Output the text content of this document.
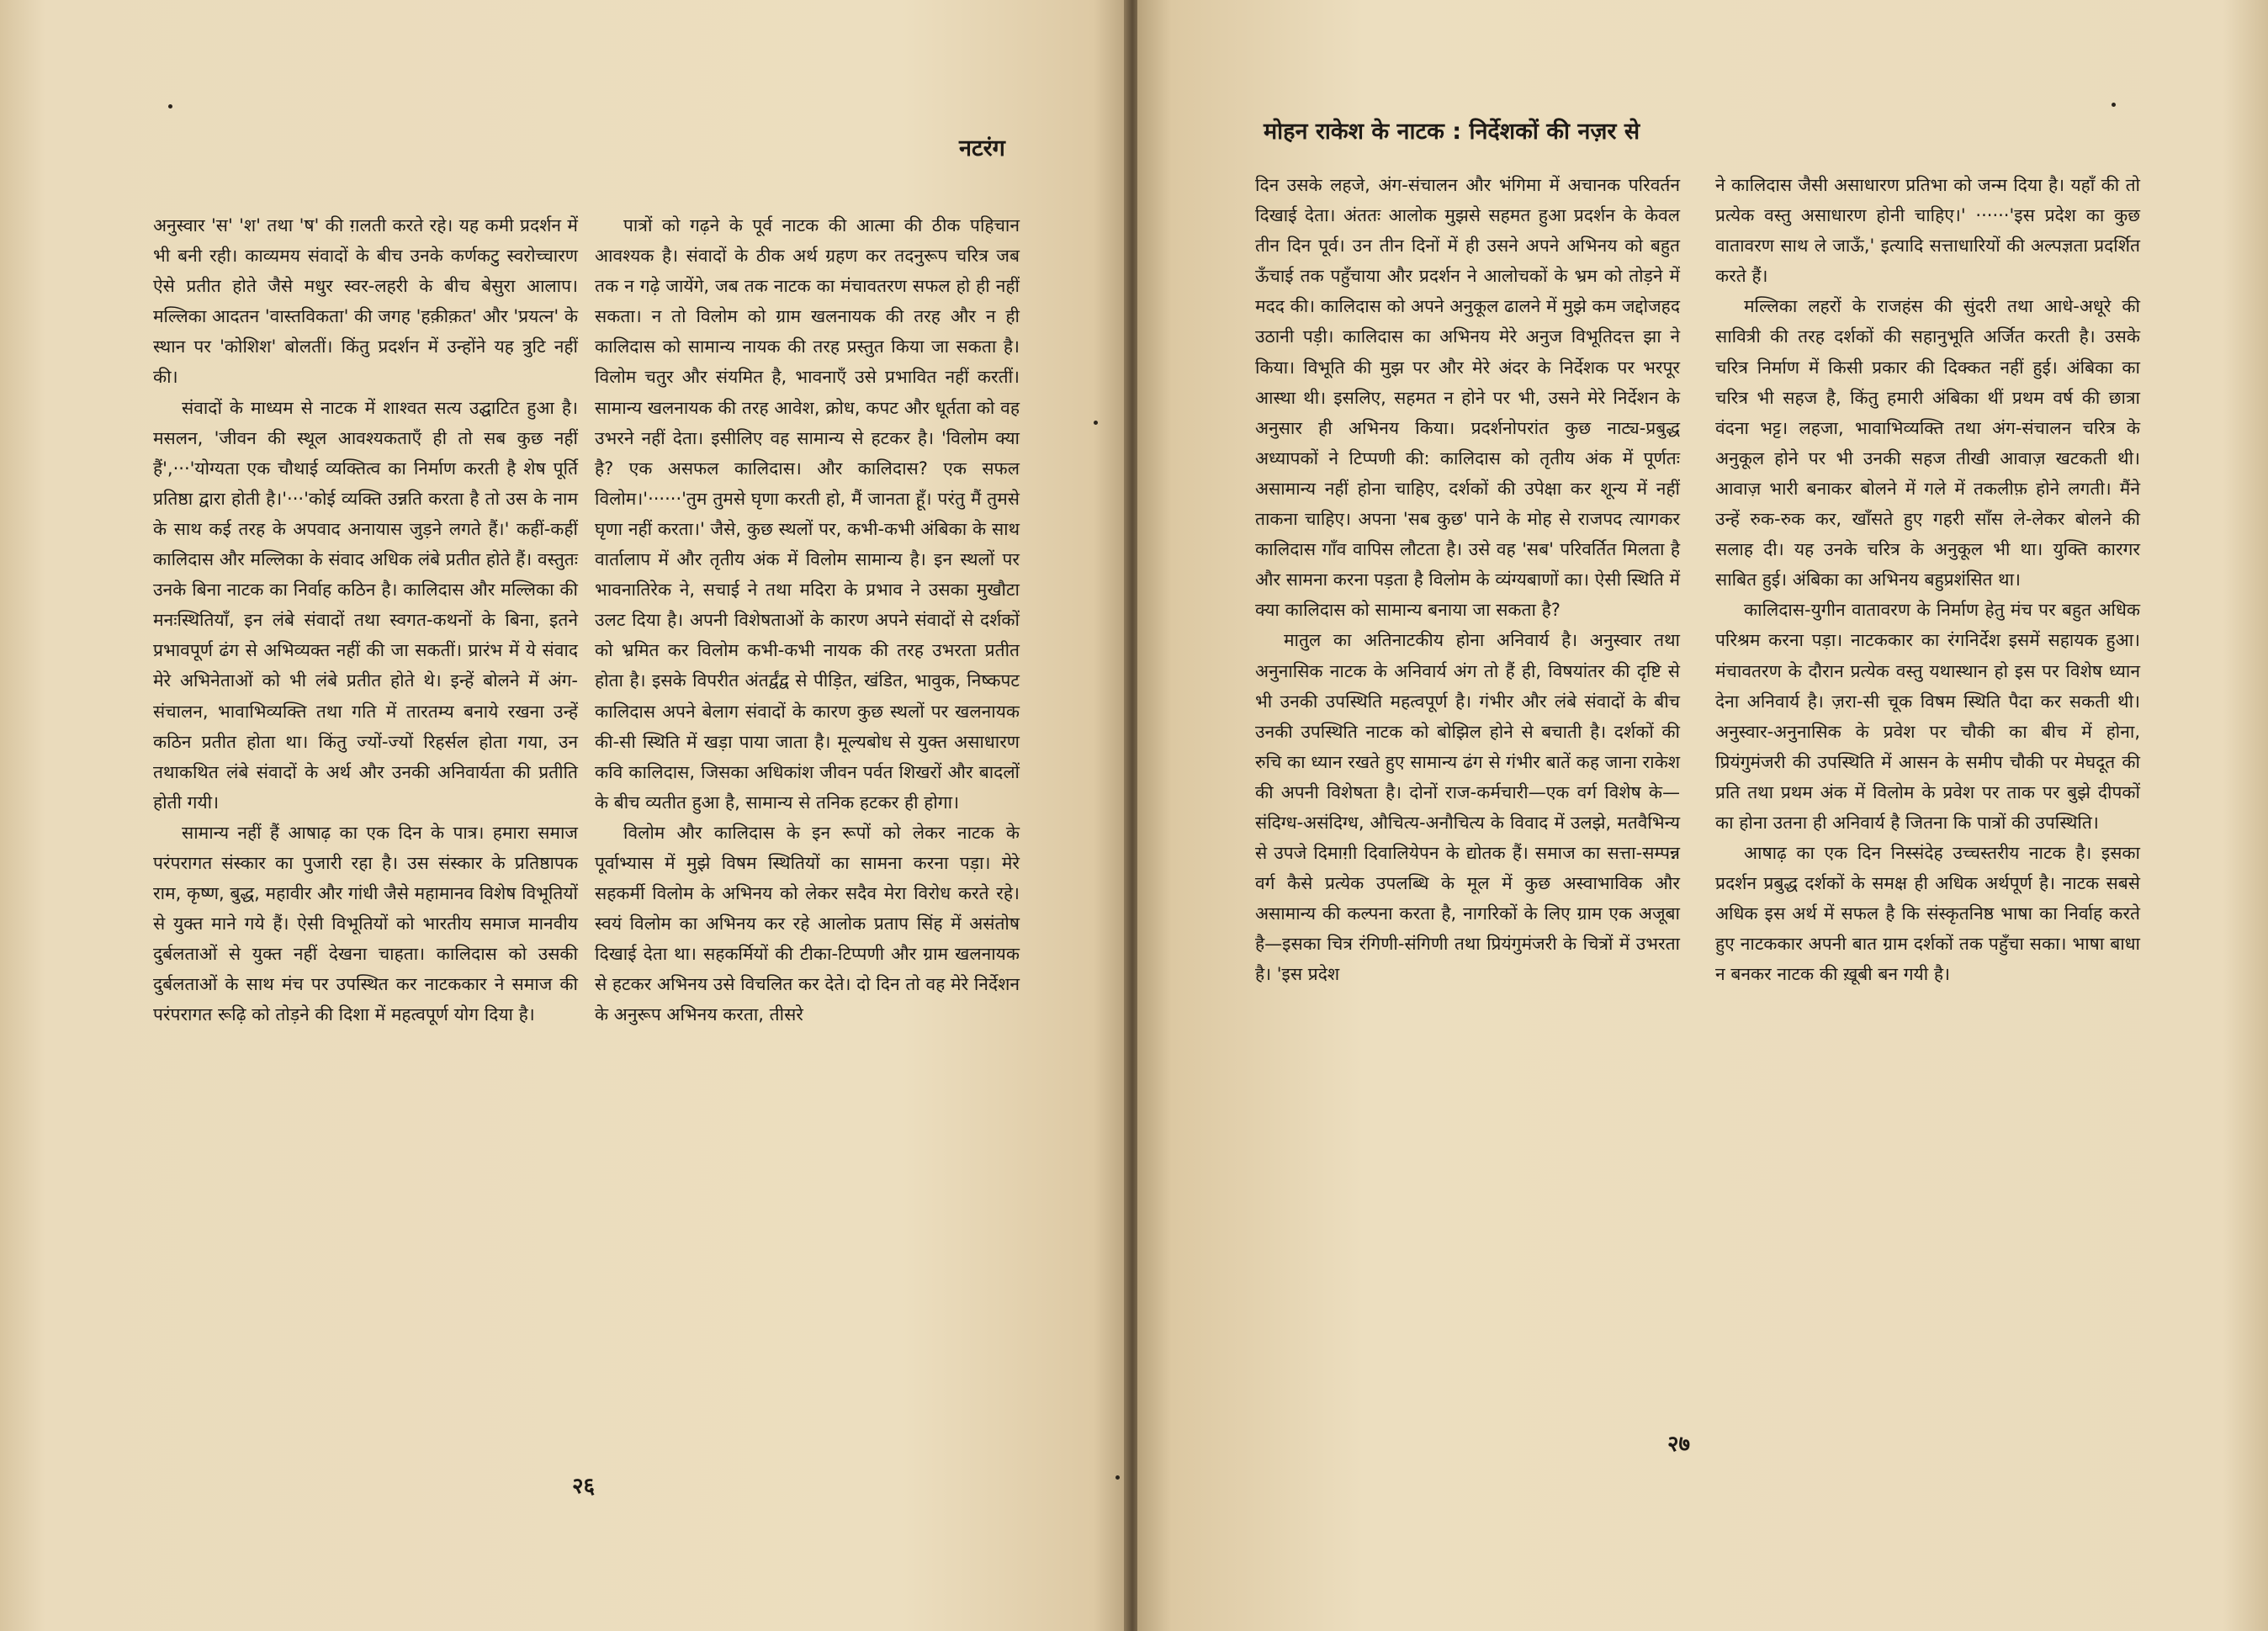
नटरंग

अनुस्वार 'स' 'श' तथा 'ष' की ग़लती करते रहे। यह कमी प्रदर्शन में भी बनी रही। काव्यमय संवादों के बीच उनके कर्णकटु स्वरोच्चारण ऐसे प्रतीत होते जैसे मधुर स्वर-लहरी के बीच बेसुरा आलाप। मल्लिका आदतन 'वास्तविकता' की जगह 'हक़ीक़त' और 'प्रयत्न' के स्थान पर 'कोशिश' बोलतीं। किंतु प्रदर्शन में उन्होंने यह त्रुटि नहीं की।

संवादों के माध्यम से नाटक में शाश्वत सत्य उद्घाटित हुआ है। मसलन, 'जीवन की स्थूल आवश्यकताएँ ही तो सब कुछ नहीं हैं',···'योग्यता एक चौथाई व्यक्तित्व का निर्माण करती है शेष पूर्ति प्रतिष्ठा द्वारा होती है।'···'कोई व्यक्ति उन्नति करता है तो उस के नाम के साथ कई तरह के अपवाद अनायास जुड़ने लगते हैं।' कहीं-कहीं कालिदास और मल्लिका के संवाद अधिक लंबे प्रतीत होते हैं। वस्तुतः उनके बिना नाटक का निर्वाह कठिन है। कालिदास और मल्लिका की मनःस्थितियाँ, इन लंबे संवादों तथा स्वगत-कथनों के बिना, इतने प्रभावपूर्ण ढंग से अभिव्यक्त नहीं की जा सकतीं। प्रारंभ में ये संवाद मेरे अभिनेताओं को भी लंबे प्रतीत होते थे। इन्हें बोलने में अंग-संचालन, भावाभिव्यक्ति तथा गति में तारतम्य बनाये रखना उन्हें कठिन प्रतीत होता था। किंतु ज्यों-ज्यों रिहर्सल होता गया, उन तथाकथित लंबे संवादों के अर्थ और उनकी अनिवार्यता की प्रतीति होती गयी।

सामान्य नहीं हैं आषाढ़ का एक दिन के पात्र। हमारा समाज परंपरागत संस्कार का पुजारी रहा है। उस संस्कार के प्रतिष्ठापक राम, कृष्ण, बुद्ध, महावीर और गांधी जैसे महामानव विशेष विभूतियों से युक्त माने गये हैं। ऐसी विभूतियों को भारतीय समाज मानवीय दुर्बलताओं से युक्त नहीं देखना चाहता। कालिदास को उसकी दुर्बलताओं के साथ मंच पर उपस्थित कर नाटककार ने समाज की परंपरागत रूढ़ि को तोड़ने की दिशा में महत्वपूर्ण योग दिया है।

पात्रों को गढ़ने के पूर्व नाटक की आत्मा की ठीक पहिचान आवश्यक है। संवादों के ठीक अर्थ ग्रहण कर तदनुरूप चरित्र जब तक न गढ़े जायेंगे, जब तक नाटक का मंचावतरण सफल हो ही नहीं सकता। न तो विलोम को ग्राम खलनायक की तरह और न ही कालिदास को सामान्य नायक की तरह प्रस्तुत किया जा सकता है। विलोम चतुर और संयमित है, भावनाएँ उसे प्रभावित नहीं करतीं। सामान्य खलनायक की तरह आवेश, क्रोध, कपट और धूर्तता को वह उभरने नहीं देता। इसीलिए वह सामान्य से हटकर है। 'विलोम क्या है? एक असफल कालिदास। और कालिदास? एक सफल विलोम।'······'तुम तुमसे घृणा करती हो, मैं जानता हूँ। परंतु मैं तुमसे घृणा नहीं करता।' जैसे, कुछ स्थलों पर, कभी-कभी अंबिका के साथ वार्तालाप में और तृतीय अंक में विलोम सामान्य है। इन स्थलों पर भावनातिरेक ने, सचाई ने तथा मदिरा के प्रभाव ने उसका मुखौटा उलट दिया है। अपनी विशेषताओं के कारण अपने संवादों से दर्शकों को भ्रमित कर विलोम कभी-कभी नायक की तरह उभरता प्रतीत होता है। इसके विपरीत अंतर्द्वंद्व से पीड़ित, खंडित, भावुक, निष्कपट कालिदास अपने बेलाग संवादों के कारण कुछ स्थलों पर खलनायक की-सी स्थिति में खड़ा पाया जाता है। मूल्यबोध से युक्त असाधारण कवि कालिदास, जिसका अधिकांश जीवन पर्वत शिखरों और बादलों के बीच व्यतीत हुआ है, सामान्य से तनिक हटकर ही होगा।

विलोम और कालिदास के इन रूपों को लेकर नाटक के पूर्वाभ्यास में मुझे विषम स्थितियों का सामना करना पड़ा। मेरे सहकर्मी विलोम के अभिनय को लेकर सदैव मेरा विरोध करते रहे। स्वयं विलोम का अभिनय कर रहे आलोक प्रताप सिंह में असंतोष दिखाई देता था। सहकर्मियों की टीका-टिप्पणी और ग्राम खलनायक से हटकर अभिनय उसे विचलित कर देते। दो दिन तो वह मेरे निर्देशन के अनुरूप अभिनय करता, तीसरे

२६
मोहन राकेश के नाटक : निर्देशकों की नज़र से

दिन उसके लहजे, अंग-संचालन और भंगिमा में अचानक परिवर्तन दिखाई देता। अंततः आलोक मुझसे सहमत हुआ प्रदर्शन के केवल तीन दिन पूर्व। उन तीन दिनों में ही उसने अपने अभिनय को बहुत ऊँचाई तक पहुँचाया और प्रदर्शन ने आलोचकों के भ्रम को तोड़ने में मदद की। कालिदास को अपने अनुकूल ढालने में मुझे कम जद्दोजहद उठानी पड़ी। कालिदास का अभिनय मेरे अनुज विभूतिदत्त झा ने किया। विभूति की मुझ पर और मेरे अंदर के निर्देशक पर भरपूर आस्था थी। इसलिए, सहमत न होने पर भी, उसने मेरे निर्देशन के अनुसार ही अभिनय किया। प्रदर्शनोपरांत कुछ नाट्य-प्रबुद्ध अध्यापकों ने टिप्पणी की: कालिदास को तृतीय अंक में पूर्णतः असामान्य नहीं होना चाहिए, दर्शकों की उपेक्षा कर शून्य में नहीं ताकना चाहिए। अपना 'सब कुछ' पाने के मोह से राजपद त्यागकर कालिदास गाँव वापिस लौटता है। उसे वह 'सब' परिवर्तित मिलता है और सामना करना पड़ता है विलोम के व्यंग्यबाणों का। ऐसी स्थिति में क्या कालिदास को सामान्य बनाया जा सकता है?

मातुल का अतिनाटकीय होना अनिवार्य है। अनुस्वार तथा अनुनासिक नाटक के अनिवार्य अंग तो हैं ही, विषयांतर की दृष्टि से भी उनकी उपस्थिति महत्वपूर्ण है। गंभीर और लंबे संवादों के बीच उनकी उपस्थिति नाटक को बोझिल होने से बचाती है। दर्शकों की रुचि का ध्यान रखते हुए सामान्य ढंग से गंभीर बातें कह जाना राकेश की अपनी विशेषता है। दोनों राज-कर्मचारी—एक वर्ग विशेष के—संदिग्ध-असंदिग्ध, औचित्य-अनौचित्य के विवाद में उलझे, मतवैभिन्य से उपजे दिमाग़ी दिवालियेपन के द्योतक हैं। समाज का सत्ता-सम्पन्न वर्ग कैसे प्रत्येक उपलब्धि के मूल में कुछ अस्वाभाविक और असामान्य की कल्पना करता है, नागरिकों के लिए ग्राम एक अजूबा है—इसका चित्र रंगिणी-संगिणी तथा प्रियंगुमंजरी के चित्रों में उभरता है। 'इस प्रदेश

ने कालिदास जैसी असाधारण प्रतिभा को जन्म दिया है। यहाँ की तो प्रत्येक वस्तु असाधारण होनी चाहिए।' ······'इस प्रदेश का कुछ वातावरण साथ ले जाऊँ,' इत्यादि सत्ताधारियों की अल्पज्ञता प्रदर्शित करते हैं।

मल्लिका लहरों के राजहंस की सुंदरी तथा आधे-अधूरे की सावित्री की तरह दर्शकों की सहानुभूति अर्जित करती है। उसके चरित्र निर्माण में किसी प्रकार की दिक्कत नहीं हुई। अंबिका का चरित्र भी सहज है, किंतु हमारी अंबिका थीं प्रथम वर्ष की छात्रा वंदना भट्ट। लहजा, भावाभिव्यक्ति तथा अंग-संचालन चरित्र के अनुकूल होने पर भी उनकी सहज तीखी आवाज़ खटकती थी। आवाज़ भारी बनाकर बोलने में गले में तकलीफ़ होने लगती। मैंने उन्हें रुक-रुक कर, खाँसते हुए गहरी साँस ले-लेकर बोलने की सलाह दी। यह उनके चरित्र के अनुकूल भी था। युक्ति कारगर साबित हुई। अंबिका का अभिनय बहुप्रशंसित था।

कालिदास-युगीन वातावरण के निर्माण हेतु मंच पर बहुत अधिक परिश्रम करना पड़ा। नाटककार का रंगनिर्देश इसमें सहायक हुआ। मंचावतरण के दौरान प्रत्येक वस्तु यथास्थान हो इस पर विशेष ध्यान देना अनिवार्य है। ज़रा-सी चूक विषम स्थिति पैदा कर सकती थी। अनुस्वार-अनुनासिक के प्रवेश पर चौकी का बीच में होना, प्रियंगुमंजरी की उपस्थिति में आसन के समीप चौकी पर मेघदूत की प्रति तथा प्रथम अंक में विलोम के प्रवेश पर ताक पर बुझे दीपकों का होना उतना ही अनिवार्य है जितना कि पात्रों की उपस्थिति।

आषाढ़ का एक दिन निस्संदेह उच्चस्तरीय नाटक है। इसका प्रदर्शन प्रबुद्ध दर्शकों के समक्ष ही अधिक अर्थपूर्ण है। नाटक सबसे अधिक इस अर्थ में सफल है कि संस्कृतनिष्ठ भाषा का निर्वाह करते हुए नाटककार अपनी बात ग्राम दर्शकों तक पहुँचा सका। भाषा बाधा न बनकर नाटक की ख़ूबी बन गयी है।

२७
